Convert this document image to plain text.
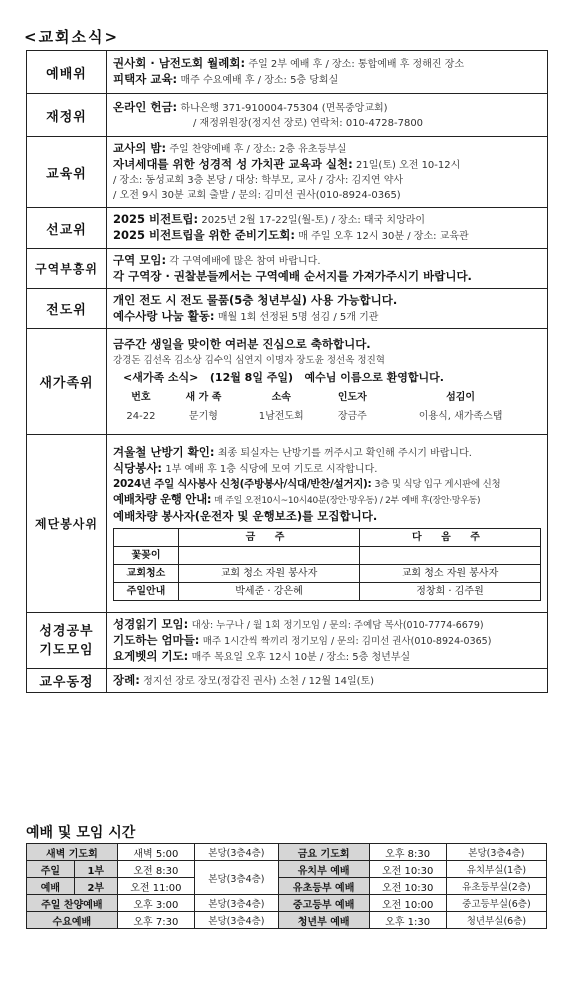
<교회소식>
예배위	
권사회 · 남전도회 월례회: 주일 2부 예배 후 / 장소: 통합예배 후 정해진 장소
피택자 교육: 매주 수요예배 후 / 장소: 5층 당회실

재정위	
온라인 헌금: 하나은행 371-910004-75304 (면목중앙교회)
/ 재정위원장(정지선 장로) 연락처: 010-4728-7800

교육위	
교사의 밤: 주일 찬양예배 후 / 장소: 2층 유초등부실
자녀세대를 위한 성경적 성 가치관 교육과 실천: 21일(토) 오전 10-12시
/ 장소: 동성교회 3층 본당 / 대상: 학부모, 교사 / 강사: 김지연 약사
/ 오전 9시 30분 교회 출발 / 문의: 김미선 권사(010-8924-0365)

선교위	
2025 비전트립: 2025년 2월 17-22일(월-토) / 장소: 태국 치앙라이
2025 비전트립을 위한 준비기도회: 매 주일 오후 12시 30분 / 장소: 교육관

구역부흥위	
구역 모임: 각 구역예배에 많은 참여 바랍니다.
각 구역장 · 권찰분들께서는 구역예배 순서지를 가져가주시기 바랍니다.

전도위	
개인 전도 시 전도 물품(5층 청년부실) 사용 가능합니다.
예수사랑 나눔 활동: 매월 1회 선정된 5명 섬김 / 5개 기관

새가족위	
금주간 생일을 맞이한 여러분 진심으로 축하합니다.
강경돈 김선옥 김소상 김수익 심연지 이명자 장도윤 정선옥 정진혁
<새가족 소식>   (12월 8일 주일)   예수님 이름으로 환영합니다.
번호	새 가 족	소속	인도자	섬김이
24-22	문기형	1남전도회	장금주	이용식, 새가족스탭

제단봉사위	
겨울철 난방기 확인: 최종 퇴실자는 난방기를 꺼주시고 확인해 주시기 바랍니다.
식당봉사: 1부 예배 후 1층 식당에 모여 기도로 시작합니다.
2024년 주일 식사봉사 신청(주방봉사/식대/반찬/설거지): 3층 및 식당 입구 게시판에 신청
예배차량 운행 안내: 매 주일 오전10시~10시40분(장안·망우동) / 2부 예배 후(장안·망우동)
예배차량 봉사자(운전자 및 운행보조)를 모집합니다.
	금 주	다 음 주
꽃꽂이		
교회청소	교회 청소 자원 봉사자	교회 청소 자원 봉사자
주일안내	박세준 · 강은혜	정창희 · 김주원

성경공부
기도모임	
성경읽기 모임: 대상: 누구나 / 월 1회 정기모임 / 문의: 주예담 목사(010-7774-6679)
기도하는 엄마들: 매주 1시간씩 짝끼리 정기모임 / 문의: 김미선 권사(010-8924-0365)
요게벳의 기도: 매주 목요일 오후 12시 10분 / 장소: 5층 청년부실

교우동정	장례: 정지선 장로 장모(정갑진 권사) 소천 / 12월 14일(토)
예배 및 모임 시간
새벽 기도회		새벽 5:00	본당(3층4층)	금요 기도회	오후 8:30	본당(3층4층)
주일	1부	오전 8:30	본당(3층4층)	유치부 예배	오전 10:30	유치부실(1층)
예배	2부	오전 11:00		유초등부 예배	오전 10:30	유초등부실(2층)
주일 찬양예배		오후 3:00	본당(3층4층)	중고등부 예배	오전 10:00	중고등부실(6층)
수요예배		오후 7:30	본당(3층4층)	청년부 예배	오후 1:30	청년부실(6층)
